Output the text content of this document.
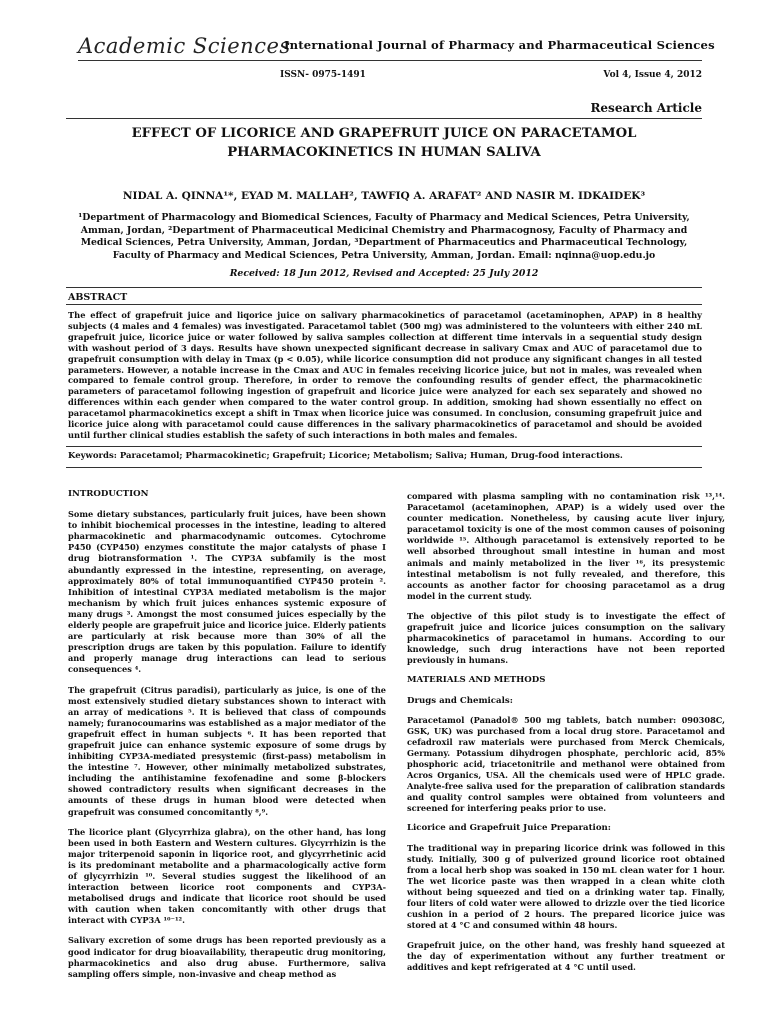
Academic Sciences
International Journal of Pharmacy and Pharmaceutical Sciences
ISSN- 0975-1491	Vol 4, Issue 4, 2012
Research Article
EFFECT OF LICORICE AND GRAPEFRUIT JUICE ON PARACETAMOL PHARMACOKINETICS IN HUMAN SALIVA
NIDAL A. QINNA¹*, EYAD M. MALLAH², TAWFIQ A. ARAFAT² AND NASIR M. IDKAIDEK³
¹Department of Pharmacology and Biomedical Sciences, Faculty of Pharmacy and Medical Sciences, Petra University, Amman, Jordan, ²Department of Pharmaceutical Medicinal Chemistry and Pharmacognosy, Faculty of Pharmacy and Medical Sciences, Petra University, Amman, Jordan, ³Department of Pharmaceutics and Pharmaceutical Technology, Faculty of Pharmacy and Medical Sciences, Petra University, Amman, Jordan. Email: nqinna@uop.edu.jo
Received: 18 Jun 2012, Revised and Accepted: 25 July 2012
ABSTRACT
The effect of grapefruit juice and liqorice juice on salivary pharmacokinetics of paracetamol (acetaminophen, APAP) in 8 healthy subjects (4 males and 4 females) was investigated. Paracetamol tablet (500 mg) was administered to the volunteers with either 240 mL grapefruit juice, licorice juice or water followed by saliva samples collection at different time intervals in a sequential study design with washout period of 3 days. Results have shown unexpected significant decrease in salivary Cmax and AUC of paracetamol due to grapefruit consumption with delay in Tmax (p < 0.05), while licorice consumption did not produce any significant changes in all tested parameters. However, a notable increase in the Cmax and AUC in females receiving licorice juice, but not in males, was revealed when compared to female control group. Therefore, in order to remove the confounding results of gender effect, the pharmacokinetic parameters of paracetamol following ingestion of grapefruit and licorice juice were analyzed for each sex separately and showed no differences within each gender when compared to the water control group. In addition, smoking had shown essentially no effect on paracetamol pharmacokinetics except a shift in Tmax when licorice juice was consumed. In conclusion, consuming grapefruit juice and licorice juice along with paracetamol could cause differences in the salivary pharmacokinetics of paracetamol and should be avoided until further clinical studies establish the safety of such interactions in both males and females.
Keywords: Paracetamol; Pharmacokinetic; Grapefruit; Licorice; Metabolism; Saliva; Human, Drug-food interactions.

INTRODUCTION

Some dietary substances, particularly fruit juices, have been shown to inhibit biochemical processes in the intestine, leading to altered pharmacokinetic and pharmacodynamic outcomes. Cytochrome P450 (CYP450) enzymes constitute the major catalysts of phase I drug biotransformation ¹. The CYP3A subfamily is the most abundantly expressed in the intestine, representing, on average, approximately 80% of total immunoquantified CYP450 protein ². Inhibition of intestinal CYP3A mediated metabolism is the major mechanism by which fruit juices enhances systemic exposure of many drugs ³. Amongst the most consumed juices especially by the elderly people are grapefruit juice and licorice juice. Elderly patients are particularly at risk because more than 30% of all the prescription drugs are taken by this population. Failure to identify and properly manage drug interactions can lead to serious consequences ⁴.

The grapefruit (Citrus paradisi), particularly as juice, is one of the most extensively studied dietary substances shown to interact with an array of medications ⁵. It is believed that class of compounds namely; furanocoumarins was established as a major mediator of the grapefruit effect in human subjects ⁶. It has been reported that grapefruit juice can enhance systemic exposure of some drugs by inhibiting CYP3A-mediated presystemic (first-pass) metabolism in the intestine ⁷. However, other minimally metabolized substrates, including the antihistamine fexofenadine and some β-blockers showed contradictory results when significant decreases in the amounts of these drugs in human blood were detected when grapefruit was consumed concomitantly ⁸,⁹.

The licorice plant (Glycyrrhiza glabra), on the other hand, has long been used in both Eastern and Western cultures. Glycyrrhizin is the major triterpenoid saponin in liqorice root, and glycyrrhetinic acid is its predominant metabolite and a pharmacologically active form of glycyrrhizin ¹⁰. Several studies suggest the likelihood of an interaction between licorice root components and CYP3A-metabolised drugs and indicate that licorice root should be used with caution when taken concomitantly with other drugs that interact with CYP3A ¹⁰⁻¹².

Salivary excretion of some drugs has been reported previously as a good indicator for drug bioavailability, therapeutic drug monitoring, pharmacokinetics and also drug abuse. Furthermore, saliva sampling offers simple, non-invasive and cheap method as

compared with plasma sampling with no contamination risk ¹³,¹⁴. Paracetamol (acetaminophen, APAP) is a widely used over the counter medication. Nonetheless, by causing acute liver injury, paracetamol toxicity is one of the most common causes of poisoning worldwide ¹⁵. Although paracetamol is extensively reported to be well absorbed throughout small intestine in human and most animals and mainly metabolized in the liver ¹⁶, its presystemic intestinal metabolism is not fully revealed, and therefore, this accounts as another factor for choosing paracetamol as a drug model in the current study.

The objective of this pilot study is to investigate the effect of grapefruit juice and licorice juices consumption on the salivary pharmacokinetics of paracetamol in humans. According to our knowledge, such drug interactions have not been reported previously in humans.

MATERIALS AND METHODS

Drugs and Chemicals:

Paracetamol (Panadol® 500 mg tablets, batch number: 090308C, GSK, UK) was purchased from a local drug store. Paracetamol and cefadroxil raw materials were purchased from Merck Chemicals, Germany. Potassium dihydrogen phosphate, perchloric acid, 85% phosphoric acid, triacetonitrile and methanol were obtained from Acros Organics, USA. All the chemicals used were of HPLC grade. Analyte-free saliva used for the preparation of calibration standards and quality control samples were obtained from volunteers and screened for interfering peaks prior to use.

Licorice and Grapefruit Juice Preparation:

The traditional way in preparing licorice drink was followed in this study. Initially, 300 g of pulverized ground licorice root obtained from a local herb shop was soaked in 150 mL clean water for 1 hour. The wet licorice paste was then wrapped in a clean white cloth without being squeezed and tied on a drinking water tap. Finally, four liters of cold water were allowed to drizzle over the tied licorice cushion in a period of 2 hours. The prepared licorice juice was stored at 4 °C and consumed within 48 hours.

Grapefruit juice, on the other hand, was freshly hand squeezed at the day of experimentation without any further treatment or additives and kept refrigerated at 4 °C until used.
